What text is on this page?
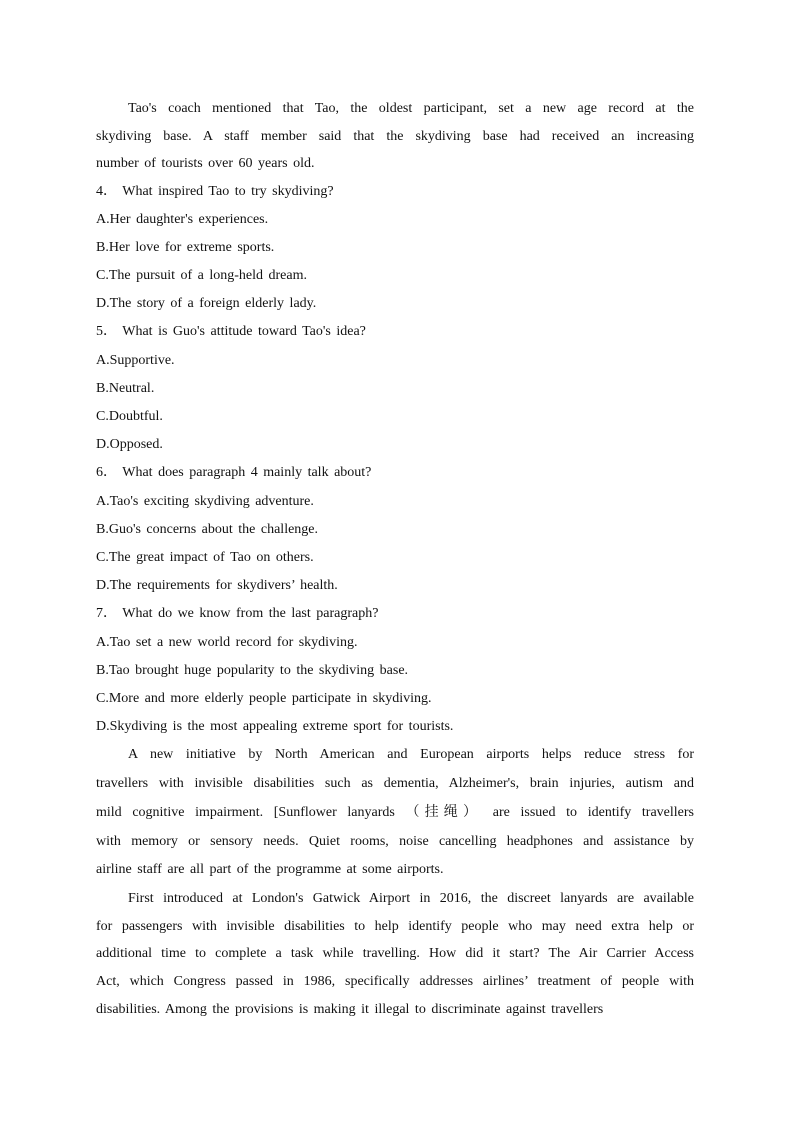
Tao's coach mentioned that Tao, the oldest participant, set a new age record at the
skydiving base. A staff member said that the skydiving base had received an increasing
number of tourists over 60 years old.

4． What inspired Tao to try skydiving?

A.Her daughter's experiences.

B.Her love for extreme sports.

C.The pursuit of a long-held dream.

D.The story of a foreign elderly lady.

5． What is Guo's attitude toward Tao's idea?

A.Supportive.

B.Neutral.

C.Doubtful.

D.Opposed.

6． What does paragraph 4 mainly talk about?

A.Tao's exciting skydiving adventure.

B.Guo's concerns about the challenge.

C.The great impact of Tao on others.

D.The requirements for skydivers’ health.

7． What do we know from the last paragraph?

A.Tao set a new world record for skydiving.

B.Tao brought huge popularity to the skydiving base.

C.More and more elderly people participate in skydiving.

D.Skydiving is the most appealing extreme sport for tourists.

A new initiative by North American and European airports helps reduce stress for
travellers with invisible disabilities such as dementia, Alzheimer's, brain injuries, autism and
mild cognitive impairment. [Sunflower lanyards （挂绳） are issued to identify travellers
with memory or sensory needs. Quiet rooms, noise cancelling headphones and assistance by
airline staff are all part of the programme at some airports.

First introduced at London's Gatwick Airport in 2016, the discreet lanyards are available
for passengers with invisible disabilities to help identify people who may need extra help or
additional time to complete a task while travelling. How did it start? The Air Carrier Access
Act, which Congress passed in 1986, specifically addresses airlines’ treatment of people with
disabilities. Among the provisions is making it illegal to discriminate against travellers
